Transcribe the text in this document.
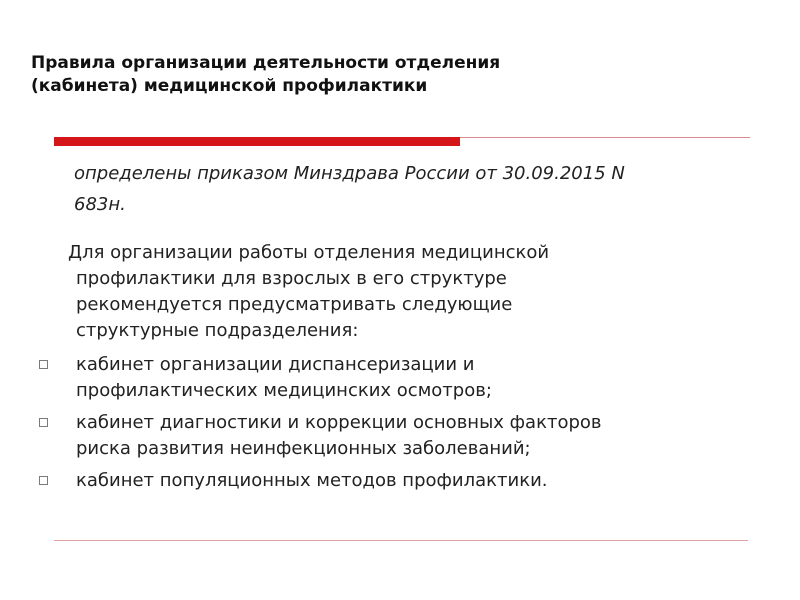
Правила организации деятельности отделения
(кабинета) медицинской профилактики
определены приказом Минздрава России от 30.09.2015 N
683н.
Для организации работы отделения медицинской
профилактики для взрослых в его структуре
рекомендуется предусматривать следующие
структурные подразделения:
кабинет организации диспансеризации и
профилактических медицинских осмотров;
кабинет диагностики и коррекции основных факторов
риска развития неинфекционных заболеваний;
кабинет популяционных методов профилактики.
